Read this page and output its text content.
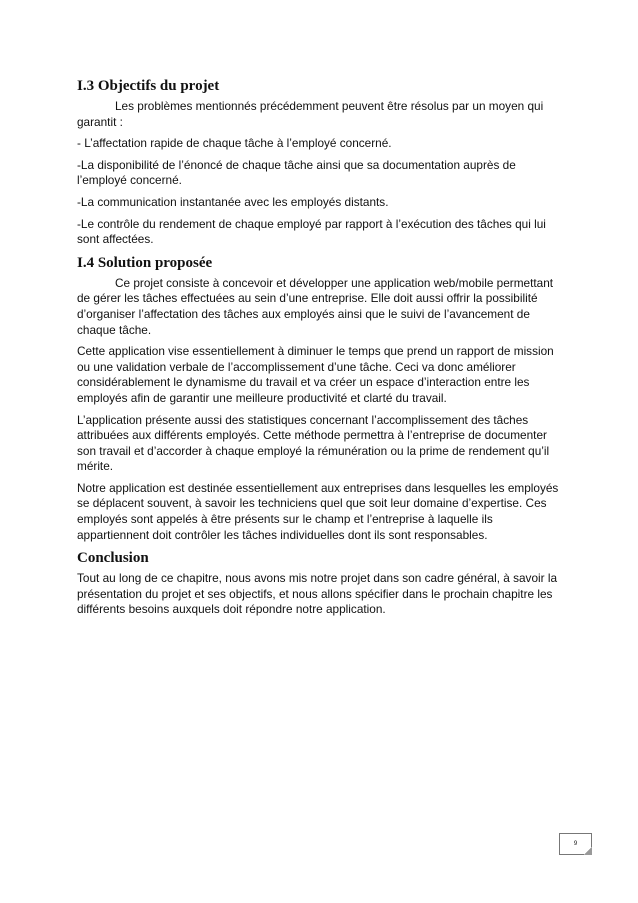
I.3 Objectifs du projet

Les problèmes mentionnés précédemment peuvent être résolus par un moyen qui garantit :

- L’affectation rapide de chaque tâche à l’employé concerné.

-La disponibilité de l’énoncé de chaque tâche ainsi que sa documentation auprès de l’employé concerné.

-La communication instantanée avec les employés distants.

-Le contrôle du rendement de chaque employé par rapport à l’exécution des tâches qui lui sont affectées.

I.4 Solution proposée

Ce projet consiste à concevoir et développer une application web/mobile permettant de gérer les tâches effectuées au sein d’une entreprise. Elle doit aussi offrir la possibilité d’organiser l’affectation des tâches aux employés ainsi que le suivi de l’avancement de chaque tâche.

Cette application vise essentiellement à diminuer le temps que prend un rapport de mission ou une validation verbale de l’accomplissement d’une tâche. Ceci va donc améliorer considérablement le dynamisme du travail et va créer un espace d’interaction entre les employés afin de garantir une meilleure productivité et clarté du travail.

L’application présente aussi des statistiques concernant l’accomplissement des tâches attribuées aux différents employés. Cette méthode permettra à l’entreprise de documenter son travail et d’accorder à chaque employé la rémunération ou la prime de rendement qu’il mérite.

Notre application est destinée essentiellement aux entreprises dans lesquelles les employés se déplacent souvent, à savoir les techniciens quel que soit leur domaine d’expertise. Ces employés sont appelés à être présents sur le champ et l’entreprise à laquelle ils appartiennent doit contrôler les tâches individuelles dont ils sont responsables.

Conclusion

Tout au long de ce chapitre, nous avons mis notre projet dans son cadre général, à savoir la présentation du projet et ses objectifs, et nous allons spécifier dans le prochain chapitre les différents besoins auxquels doit répondre notre application.

9
